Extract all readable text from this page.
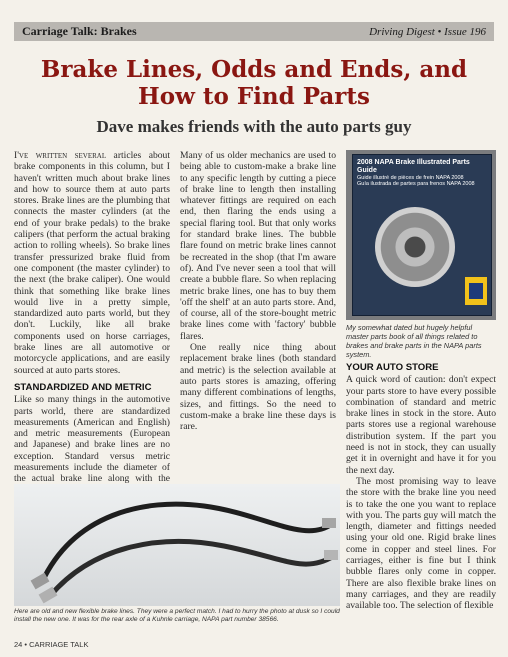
Carriage Talk: Brakes	Driving Digest • Issue 196
Brake Lines, Odds and Ends, and How to Find Parts
Dave makes friends with the auto parts guy

I've written several articles about brake components in this column, but I haven't written much about brake lines and how to source them at auto parts stores. Brake lines are the plumbing that connects the master cylinders (at the end of your brake pedals) to the brake calipers (that perform the actual braking action to rolling wheels). So brake lines transfer pressurized brake fluid from one component (the master cylinder) to the next (the brake caliper). One would think that something like brake lines would live in a pretty simple, standardized auto parts world, but they don't. Luckily, like all brake components used on horse carriages, brake lines are all automotive or motorcycle applications, and are easily sourced at auto parts stores.

STANDARDIZED AND METRIC

Like so many things in the automotive parts world, there are standardized measurements (American and English) and metric measurements (European and Japanese) and brake lines are no exception. Standard versus metric measurements include the diameter of the actual brake line along with the

Many of us older mechanics are used to being able to custom-make a brake line to any specific length by cutting a piece of brake line to length then installing whatever fittings are required on each end, then flaring the ends using a special flaring tool. But that only works for standard brake lines. The bubble flare found on metric brake lines cannot be recreated in the shop (that I'm aware of). And I've never seen a tool that will create a bubble flare. So when replacing metric brake lines, one has to buy them 'off the shelf' at an auto parts store. And, of course, all of the store-bought metric brake lines come with 'factory' bubble flares.

One really nice thing about replacement brake lines (both standard and metric) is the selection available at auto parts stores is amazing, offering many different combinations of lengths, sizes, and fittings. So the need to custom-make a brake line these days is rare.

2008 NAPA Brake Illustrated Parts Guide
Guide illustré de pièces de frein NAPA 2008
Guía ilustrada de partes para frenos NAPA 2008

My somewhat dated but hugely helpful master parts book of all things related to brakes and brake parts in the NAPA parts system.

YOUR AUTO STORE

A quick word of caution: don't expect your parts store to have every possible combination of standard and metric brake lines in stock in the store. Auto parts stores use a regional warehouse distribution system. If the part you need is not in stock, they can usually get it in overnight and have it for you the next day.

The most promising way to leave the store with the brake line you need is to take the one you want to replace with you. The parts guy will match the length, diameter and fittings needed using your old one. Rigid brake lines come in copper and steel lines. For carriages, either is fine but I think bubble flares only come in copper. There are also flexible brake lines on many carriages, and they are readily available too. The selection of flexible

Here are old and new flexible brake lines. They were a perfect match. I had to hurry the photo at dusk so I could install the new one. It was for the rear axle of a Kuhnle carriage, NAPA part number 38566.

24 • CARRIAGE TALK
